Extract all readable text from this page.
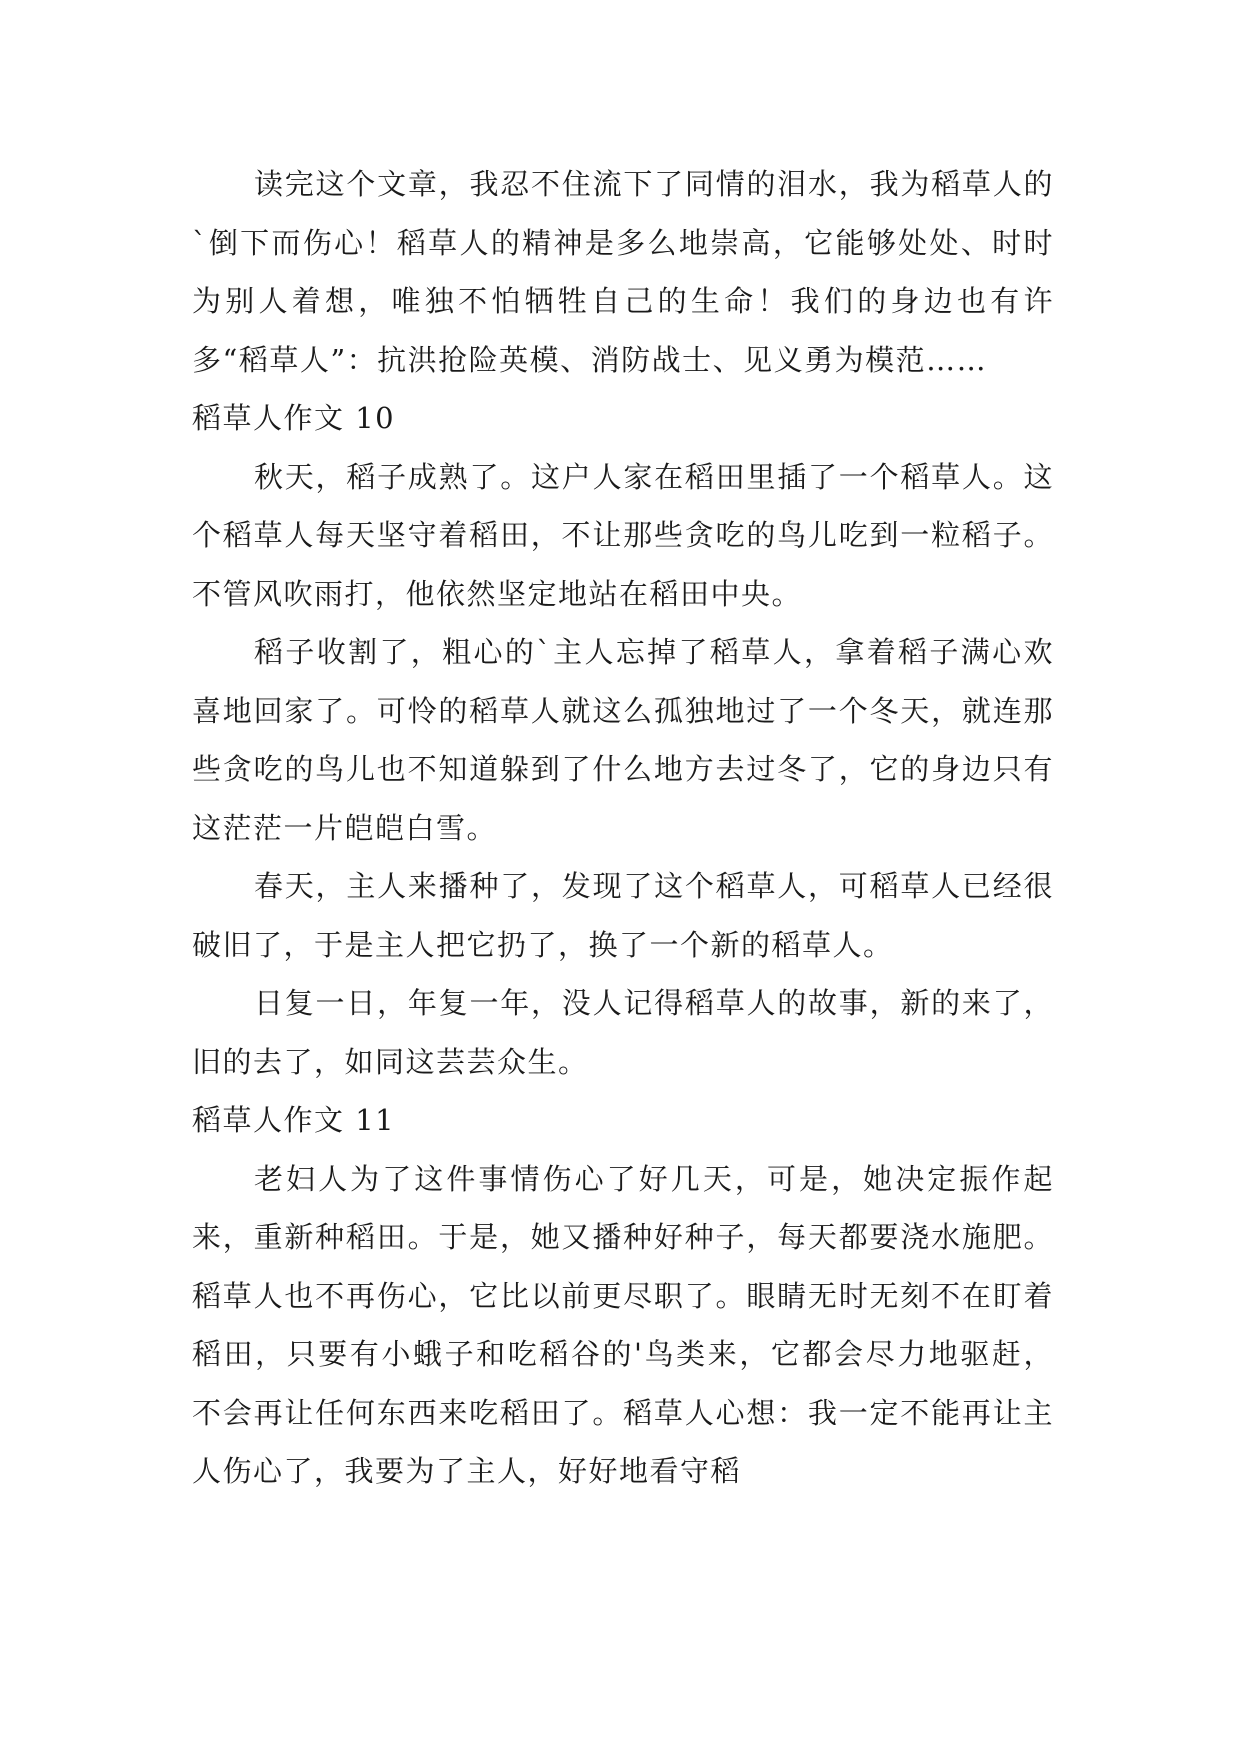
读完这个文章，我忍不住流下了同情的泪水，我为稻草人的`倒下而伤心！稻草人的精神是多么地崇高，它能够处处、时时为别人着想，唯独不怕牺牲自己的生命！我们的身边也有许多“稻草人”：抗洪抢险英模、消防战士、见义勇为模范……

稻草人作文 10

秋天，稻子成熟了。这户人家在稻田里插了一个稻草人。这个稻草人每天坚守着稻田，不让那些贪吃的鸟儿吃到一粒稻子。不管风吹雨打，他依然坚定地站在稻田中央。

稻子收割了，粗心的`主人忘掉了稻草人，拿着稻子满心欢喜地回家了。可怜的稻草人就这么孤独地过了一个冬天，就连那些贪吃的鸟儿也不知道躲到了什么地方去过冬了，它的身边只有这茫茫一片皑皑白雪。

春天，主人来播种了，发现了这个稻草人，可稻草人已经很破旧了，于是主人把它扔了，换了一个新的稻草人。

日复一日，年复一年，没人记得稻草人的故事，新的来了，旧的去了，如同这芸芸众生。

稻草人作文 11

老妇人为了这件事情伤心了好几天，可是，她决定振作起来，重新种稻田。于是，她又播种好种子，每天都要浇水施肥。稻草人也不再伤心，它比以前更尽职了。眼睛无时无刻不在盯着稻田，只要有小蛾子和吃稻谷的'鸟类来，它都会尽力地驱赶，不会再让任何东西来吃稻田了。稻草人心想：我一定不能再让主人伤心了，我要为了主人，好好地看守稻
